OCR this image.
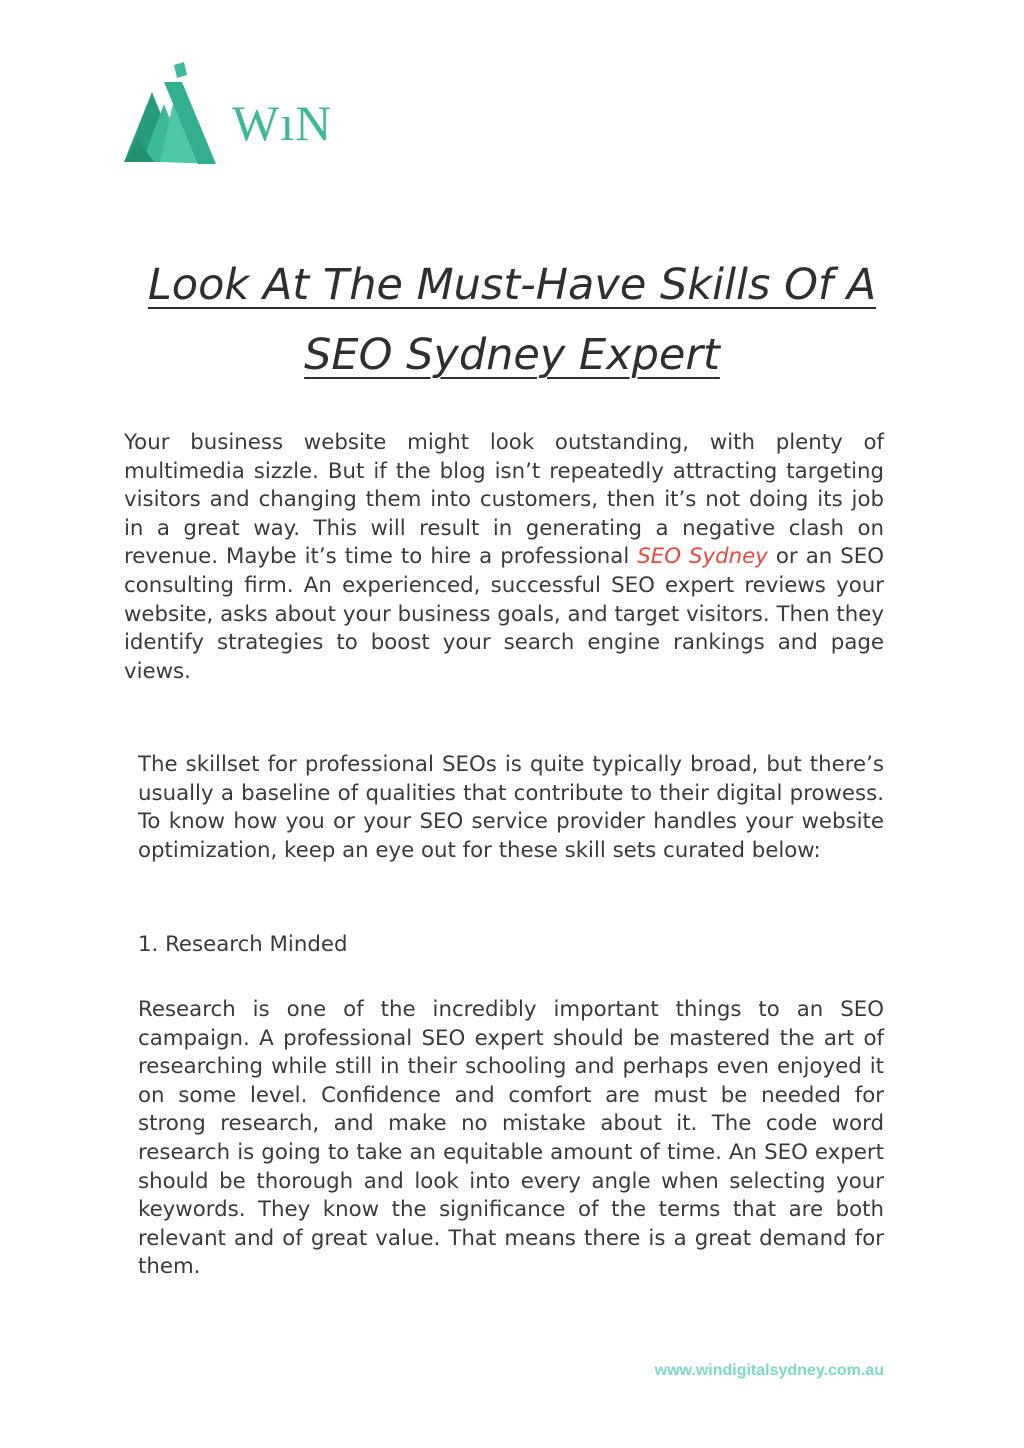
WıN
Look At The Must-Have Skills Of A SEO Sydney Expert

Your business website might look outstanding, with plenty of multimedia sizzle. But if the blog isn’t repeatedly attracting targeting visitors and changing them into customers, then it’s not doing its job in a great way. This will result in generating a negative clash on revenue. Maybe it’s time to hire a professional SEO Sydney or an SEO consulting firm. An experienced, successful SEO expert reviews your website, asks about your business goals, and target visitors. Then they identify strategies to boost your search engine rankings and page views.

The skillset for professional SEOs is quite typically broad, but there’s usually a baseline of qualities that contribute to their digital prowess. To know how you or your SEO service provider handles your website optimization, keep an eye out for these skill sets curated below:

1. Research Minded

Research is one of the incredibly important things to an SEO campaign. A professional SEO expert should be mastered the art of researching while still in their schooling and perhaps even enjoyed it on some level. Confidence and comfort are must be needed for strong research, and make no mistake about it. The code word research is going to take an equitable amount of time. An SEO expert should be thorough and look into every angle when selecting your keywords. They know the significance of the terms that are both relevant and of great value. That means there is a great demand for them.

www.windigitalsydney.com.au
